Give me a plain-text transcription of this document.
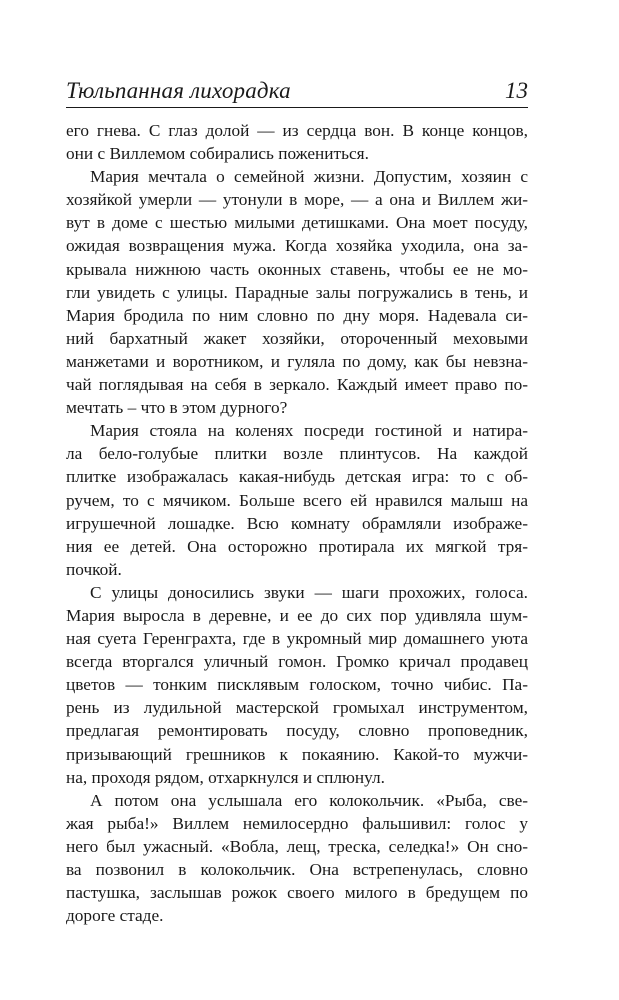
Тюльпанная лихорадка	13
его гнева. С глаз долой — из сердца вон. В конце концов,
они с Виллемом собирались пожениться.
Мария мечтала о семейной жизни. Допустим, хозяин с
хозяйкой умерли — утонули в море, — а она и Виллем жи-
вут в доме с шестью милыми детишками. Она моет посуду,
ожидая возвращения мужа. Когда хозяйка уходила, она за-
крывала нижнюю часть оконных ставень, чтобы ее не мо-
гли увидеть с улицы. Парадные залы погружались в тень, и
Мария бродила по ним словно по дну моря. Надевала си-
ний бархатный жакет хозяйки, отороченный меховыми
манжетами и воротником, и гуляла по дому, как бы невзна-
чай поглядывая на себя в зеркало. Каждый имеет право по-
мечтать – что в этом дурного?
Мария стояла на коленях посреди гостиной и натира-
ла бело-голубые плитки возле плинтусов. На каждой
плитке изображалась какая-нибудь детская игра: то с об-
ручем, то с мячиком. Больше всего ей нравился малыш на
игрушечной лошадке. Всю комнату обрамляли изображе-
ния ее детей. Она осторожно протирала их мягкой тря-
почкой.
С улицы доносились звуки — шаги прохожих, голоса.
Мария выросла в деревне, и ее до сих пор удивляла шум-
ная суета Геренграхта, где в укромный мир домашнего уюта
всегда вторгался уличный гомон. Громко кричал продавец
цветов — тонким писклявым голоском, точно чибис. Па-
рень из лудильной мастерской громыхал инструментом,
предлагая ремонтировать посуду, словно проповедник,
призывающий грешников к покаянию. Какой-то мужчи-
на, проходя рядом, отхаркнулся и сплюнул.
А потом она услышала его колокольчик. «Рыба, све-
жая рыба!» Виллем немилосердно фальшивил: голос у
него был ужасный. «Вобла, лещ, треска, селедка!» Он сно-
ва позвонил в колокольчик. Она встрепенулась, словно
пастушка, заслышав рожок своего милого в бредущем по
дороге стаде.
